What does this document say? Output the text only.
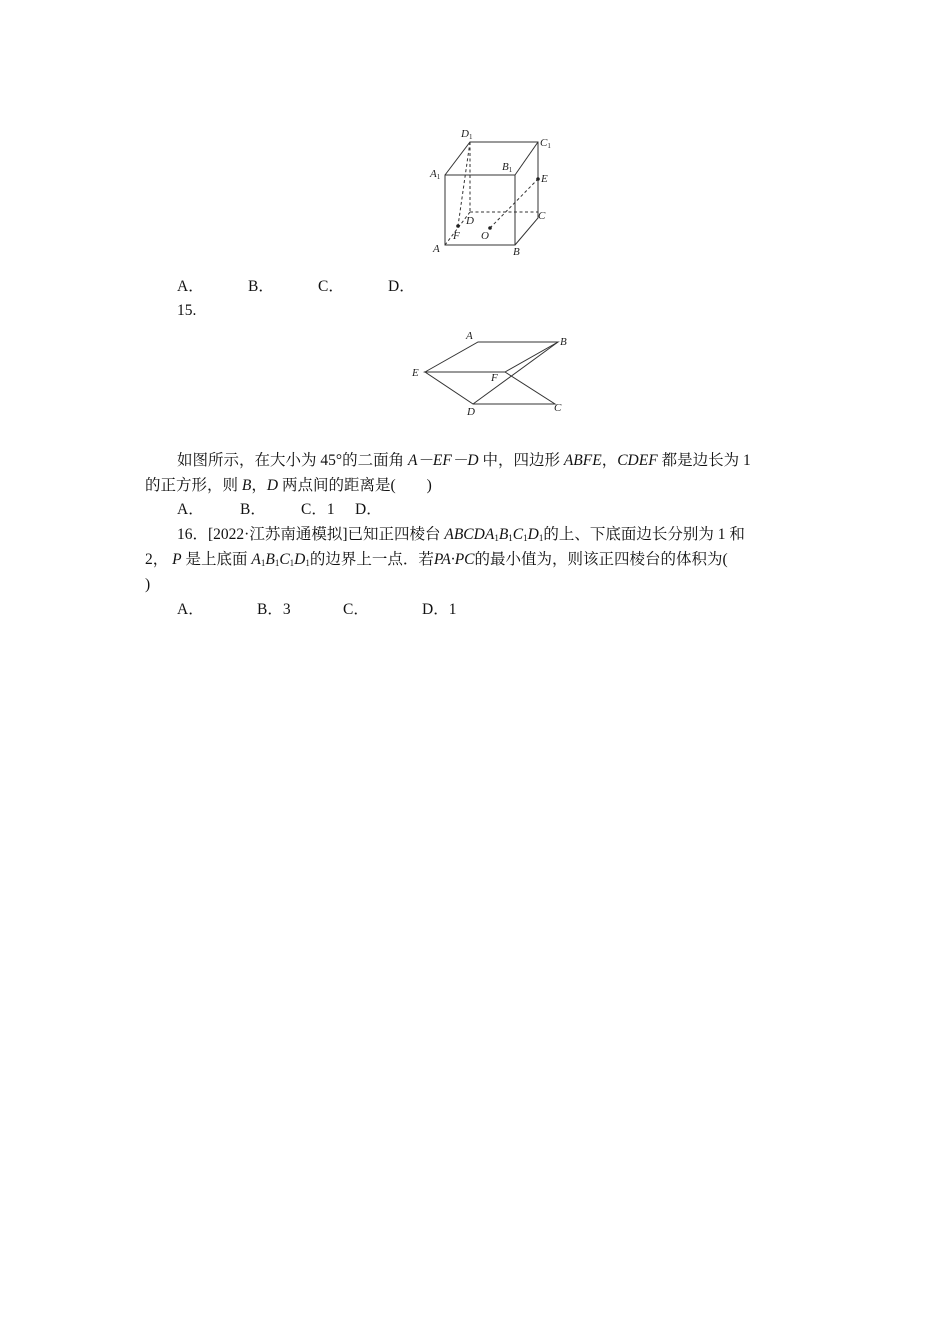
D1	C1
A1
B1
E
C
D
F O
A	B
A．	B．	C．	D．
15.
A	B
E	F
D	C
如图所示，在大小为 45°的二面角 A－EF－D 中，四边形 ABFE，CDEF 都是边长为 1
的正方形，则 B，D 两点间的距离是(　　)
A． B． C．1 D．
16．[2022·江苏南通模拟]已知正四棱台 $ABCDA_1B_1C_1D_1$的上、下底面边长分别为 1 和
2， P 是上底面 $A_1B_1C_1D_1$的边界上一点．若PA·PC的最小值为，则该正四棱台的体积为(
)
A．	B．3	C．	D．1
